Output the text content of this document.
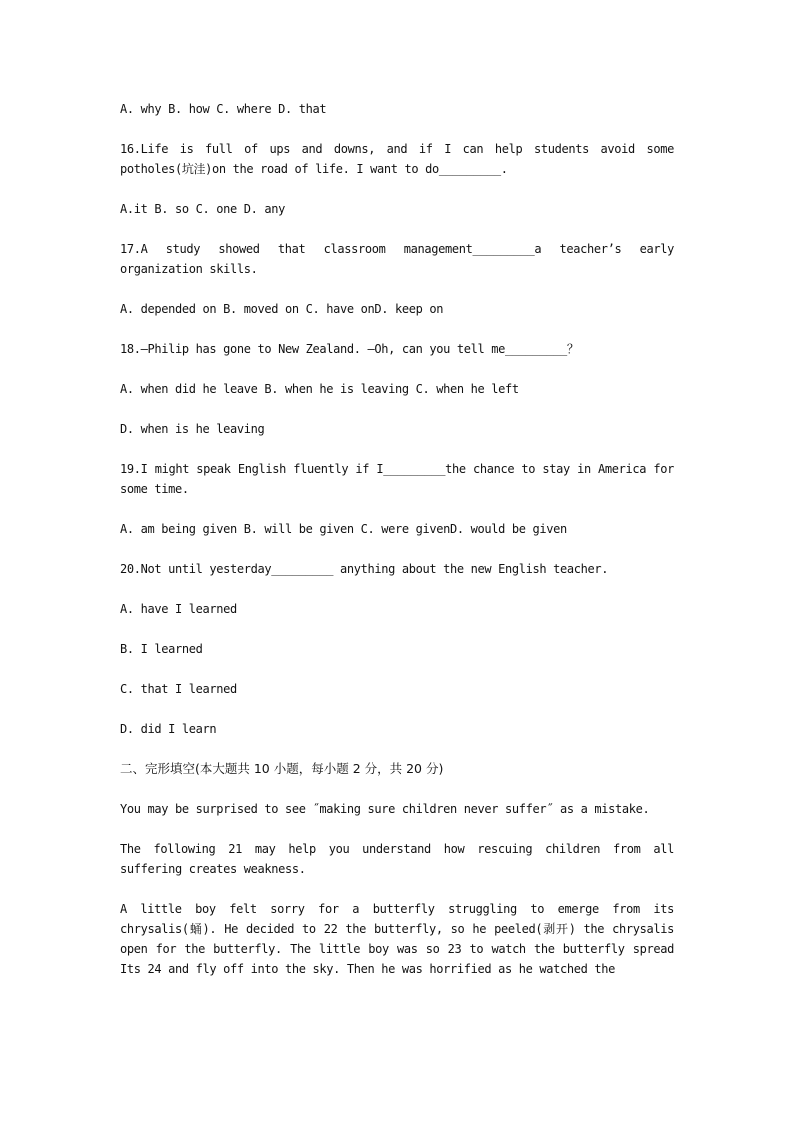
A. why B. how C. where D. that

16.Life is full of ups and downs, and if I can help students avoid some potholes(坑洼)on the road of life. I want to do_________.

A.it B. so C. one D. any

17.A study showed that classroom management_________a teacher’s early organization skills.

A. depended on B. moved on C. have onD. keep on

18.—Philip has gone to New Zealand. —Oh, can you tell me_________？

A. when did he leave B. when he is leaving C. when he left

D. when is he leaving

19.I might speak English fluently if I_________the chance to stay in America for some time.

A. am being given B. will be given C. were givenD. would be given

20.Not until yesterday_________ anything about the new English teacher.

A. have I learned

B. I learned

C. that I learned

D. did I learn

二、完形填空(本大题共 10 小题，每小题 2 分，共 20 分)

You may be surprised to see ˝making sure children never suffer˝ as a mistake.

The following 21 may help you understand how rescuing children from all suffering creates weakness.

A little boy felt sorry for a butterfly struggling to emerge from its chrysalis(蛹). He decided to 22 the butterfly, so he peeled(剥开) the chrysalis open for the butterfly. The little boy was so 23 to watch the butterfly spread Its 24 and fly off into the sky. Then he was horrified as he watched the
